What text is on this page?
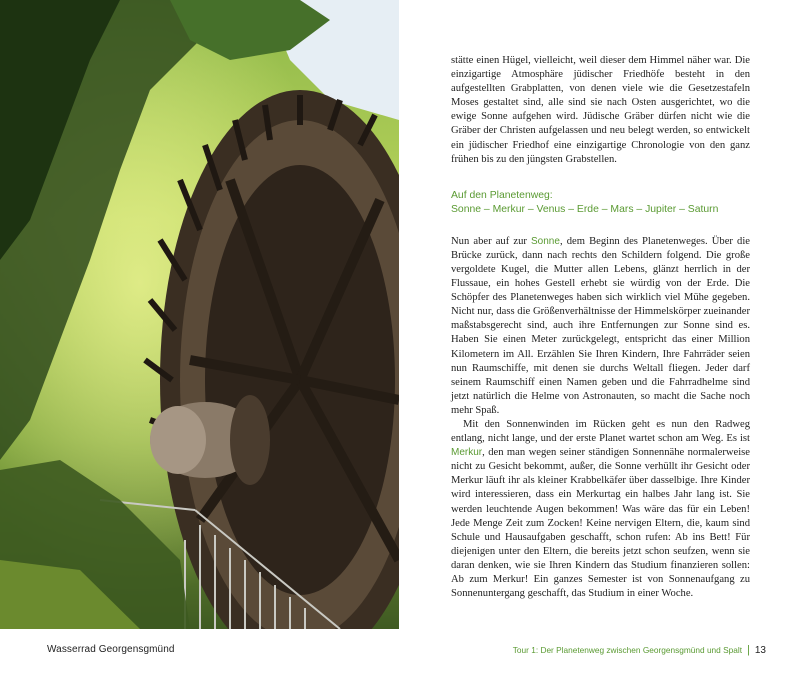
Wasserrad Georgensgmünd

stätte einen Hügel, vielleicht, weil dieser dem Himmel näher war. Die einzigartige Atmosphäre jüdischer Friedhöfe besteht in den aufgestellten Grabplatten, von denen viele wie die Gesetzestafeln Moses gestaltet sind, alle sind sie nach Osten ausgerichtet, wo die ewige Sonne aufgehen wird. Jüdische Gräber dürfen nicht wie die Gräber der Christen aufgelassen und neu belegt werden, so entwickelt ein jüdischer Friedhof eine einzigartige Chronologie von den ganz frühen bis zu den jüngsten Grabstellen.

Auf den Planetenweg:
Sonne – Merkur – Venus – Erde – Mars – Jupiter – Saturn

Nun aber auf zur Sonne, dem Beginn des Planetenweges. Über die Brücke zurück, dann nach rechts den Schildern folgend. Die große vergoldete Kugel, die Mutter allen Lebens, glänzt herrlich in der Flussaue, ein hohes Gestell erhebt sie würdig von der Erde. Die Schöpfer des Planetenweges haben sich wirklich viel Mühe gegeben. Nicht nur, dass die Größenverhältnisse der Himmelskörper zueinander maßstabsgerecht sind, auch ihre Entfernungen zur Sonne sind es. Haben Sie einen Meter zurückgelegt, entspricht das einer Million Kilometern im All. Erzählen Sie Ihren Kindern, Ihre Fahrräder seien nun Raumschiffe, mit denen sie durchs Weltall fliegen. Jeder darf seinem Raumschiff einen Namen geben und die Fahrradhelme sind jetzt natürlich die Helme von Astronauten, so macht die Sache noch mehr Spaß.

Mit den Sonnenwinden im Rücken geht es nun den Radweg entlang, nicht lange, und der erste Planet wartet schon am Weg. Es ist Merkur, den man wegen seiner ständigen Sonnennähe normalerweise nicht zu Gesicht bekommt, außer, die Sonne verhüllt ihr Gesicht oder Merkur läuft ihr als kleiner Krabbelkäfer über dasselbige. Ihre Kinder wird interessieren, dass ein Merkurtag ein halbes Jahr lang ist. Sie werden leuchtende Augen bekommen! Was wäre das für ein Leben! Jede Menge Zeit zum Zocken! Keine nervigen Eltern, die, kaum sind Schule und Hausaufgaben geschafft, schon rufen: Ab ins Bett! Für diejenigen unter den Eltern, die bereits jetzt schon seufzen, wenn sie daran denken, wie sie Ihren Kindern das Studium finanzieren sollen: Ab zum Merkur! Ein ganzes Semester ist von Sonnenaufgang zu Sonnenuntergang geschafft, das Studium in einer Woche.

Tour 1: Der Planetenweg zwischen Georgensgmünd und Spalt | 13
